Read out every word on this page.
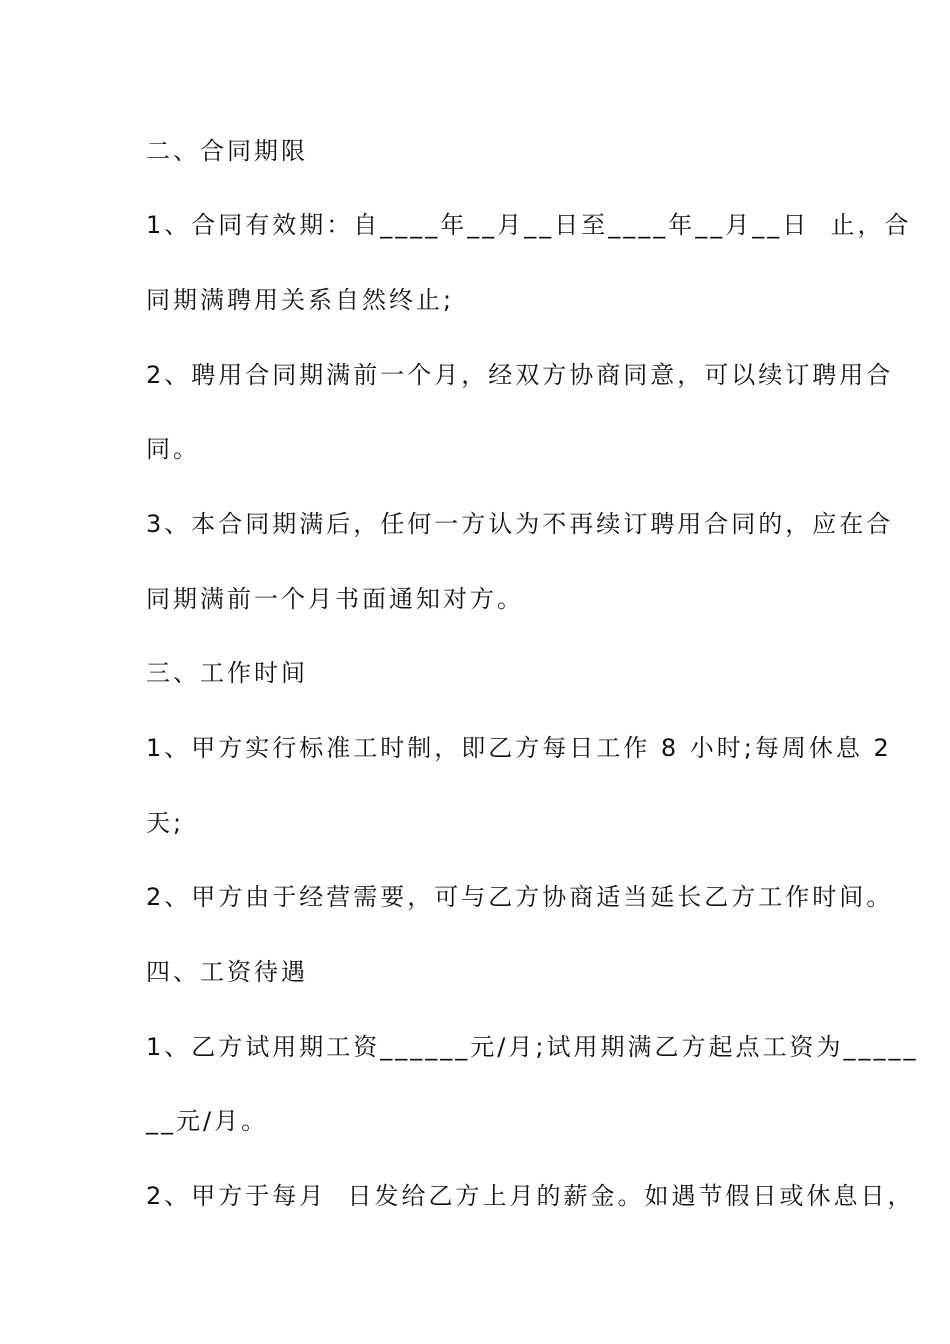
二、合同期限
1、合同有效期：自____年__月__日至____年__月__日  止，合
同期满聘用关系自然终止;
2、聘用合同期满前一个月，经双方协商同意，可以续订聘用合
同。
3、本合同期满后，任何一方认为不再续订聘用合同的，应在合
同期满前一个月书面通知对方。
三、工作时间
1、甲方实行标准工时制，即乙方每日工作 8 小时;每周休息 2
天;
2、甲方由于经营需要，可与乙方协商适当延长乙方工作时间。
四、工资待遇
1、乙方试用期工资______元/月;试用期满乙方起点工资为_____
__元/月。
2、甲方于每月  日发给乙方上月的薪金。如遇节假日或休息日，
